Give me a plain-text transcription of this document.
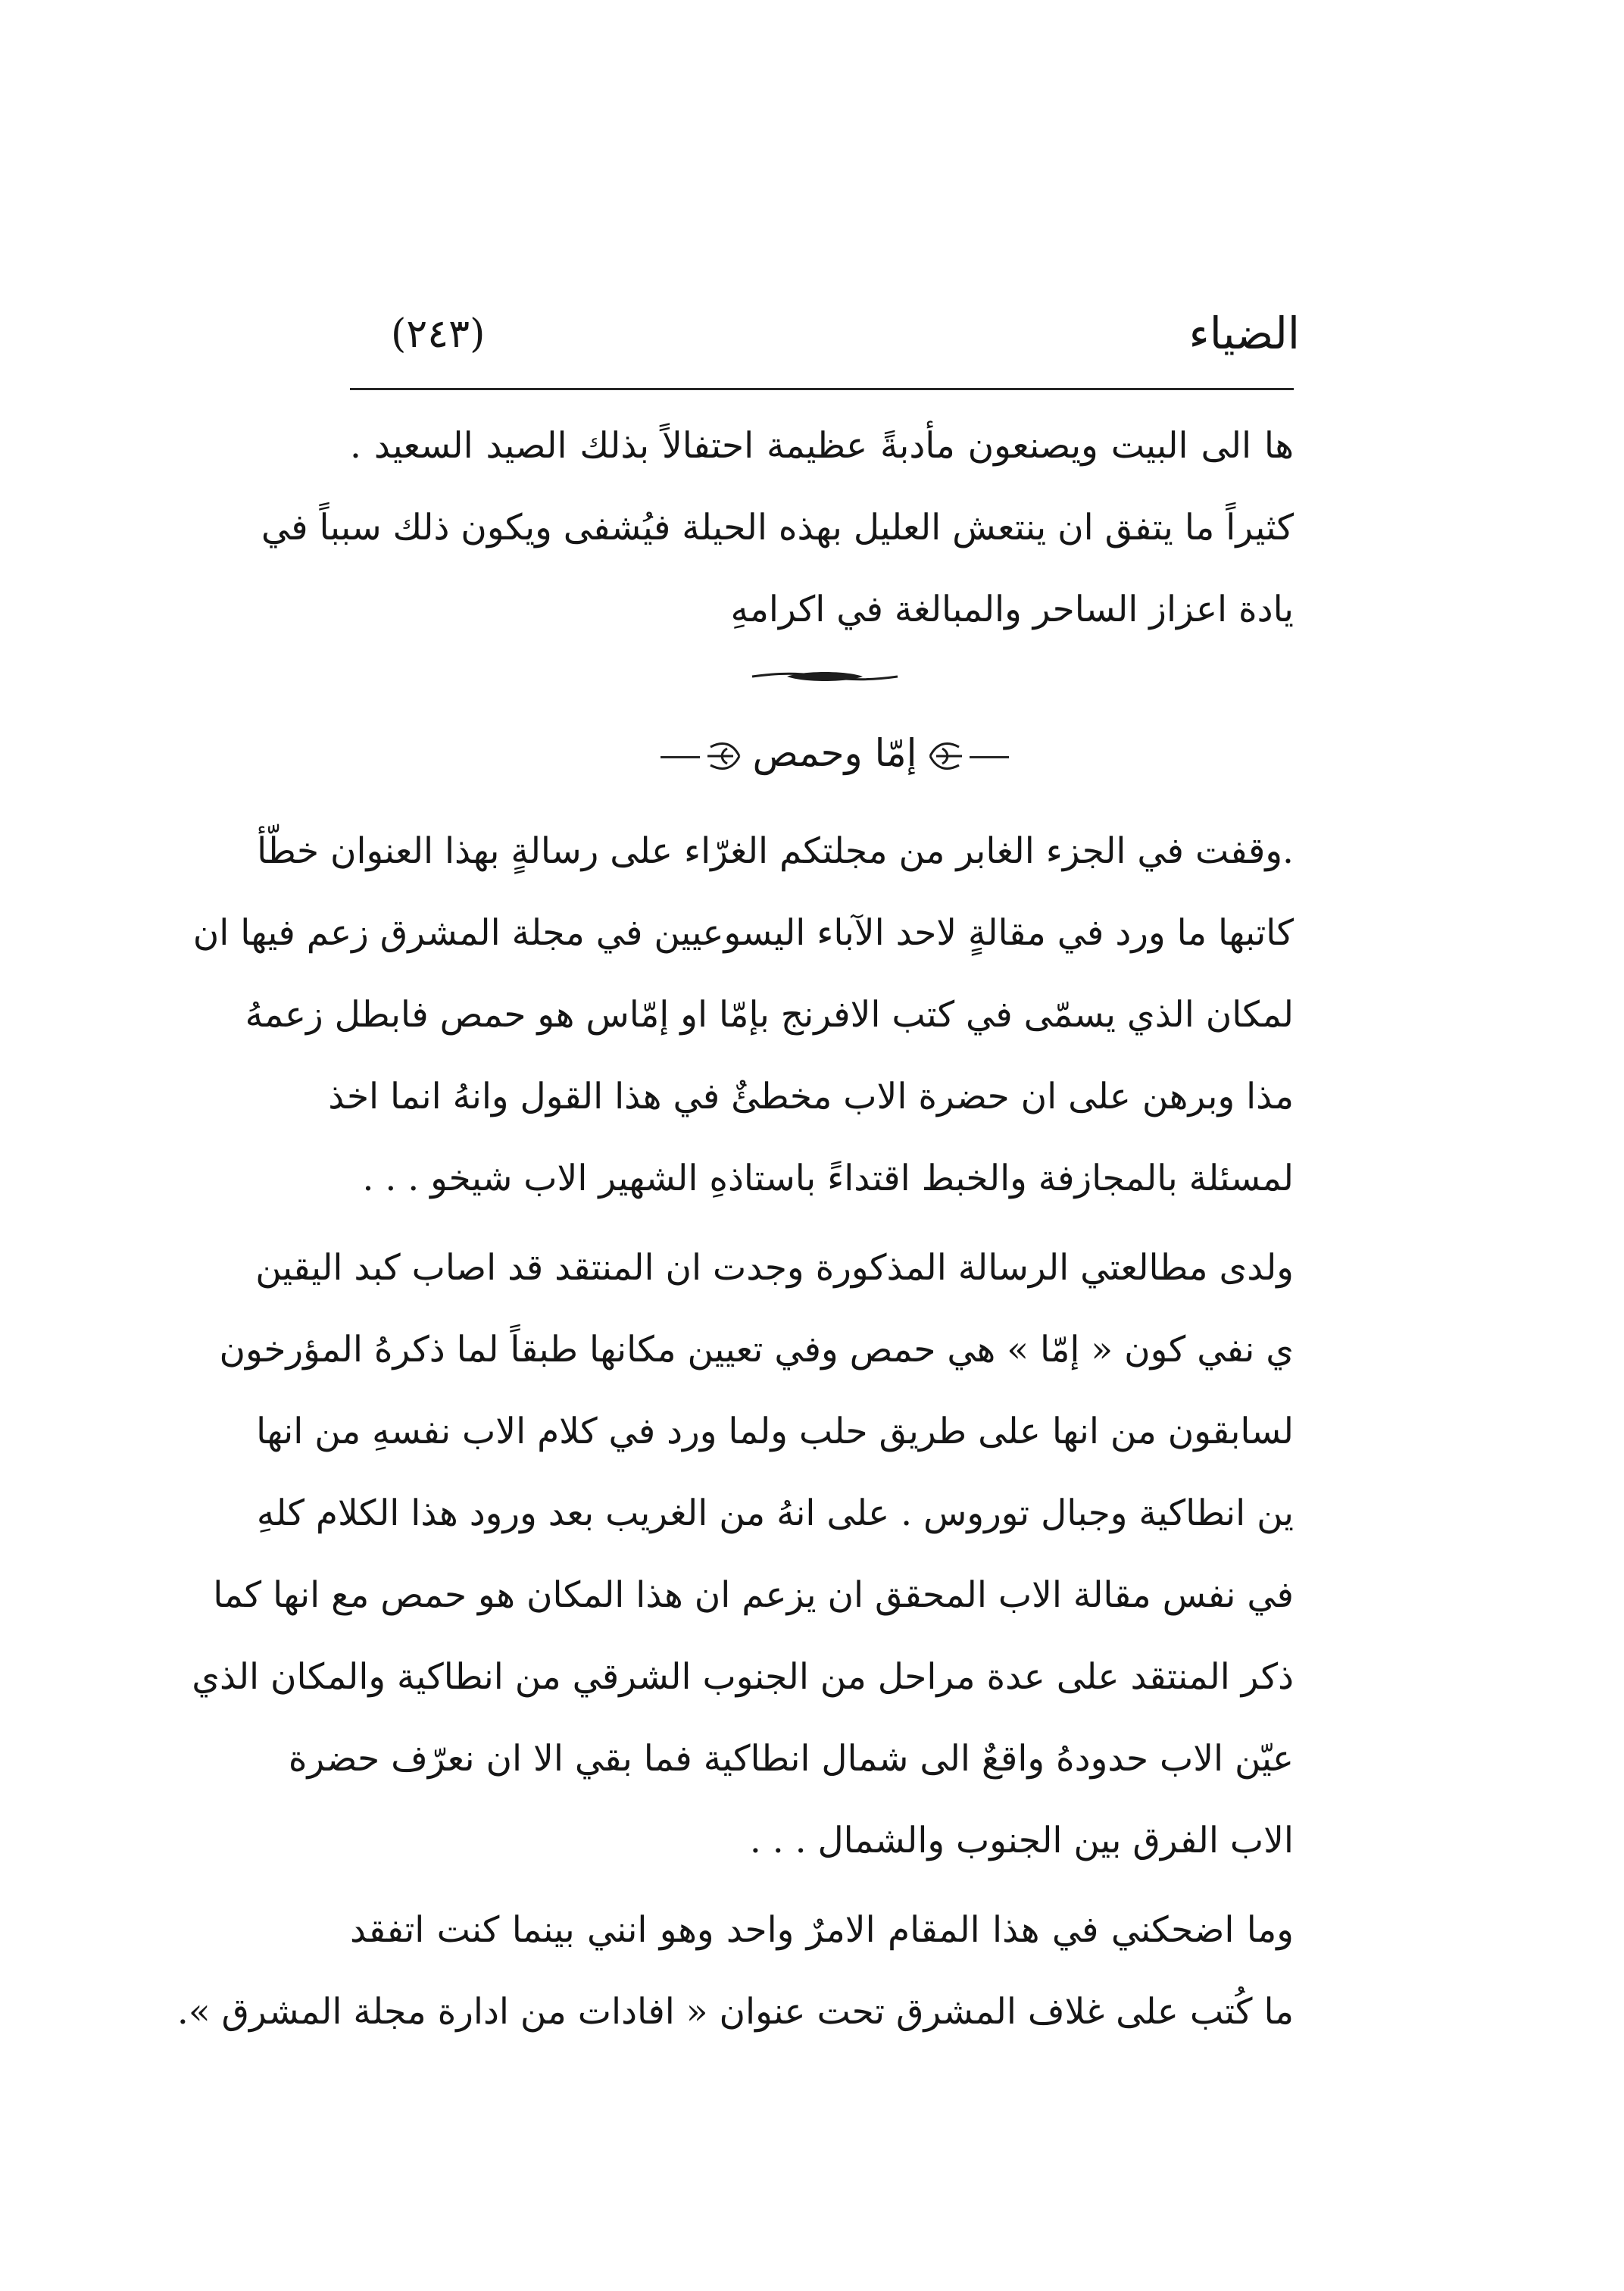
الضياء
(٢٤٣)
ها الى البيت ويصنعون مأدبةً عظيمة احتفالاً بذلك الصيد السعيد .
كثيراً ما يتفق ان ينتعش العليل بهذه الحيلة فيُشفى ويكون ذلك سبباً في
يادة اعزاز الساحر والمبالغة في اكرامهِ
إمّا وحمص
.وقفت في الجزء الغابر من مجلتكم الغرّاء على رسالةٍ بهذا العنوان خطّأ
كاتبها ما ورد في مقالةٍ لاحد الآباء اليسوعيين في مجلة المشرق زعم فيها ان
لمكان الذي يسمّى في كتب الافرنج بإمّا او إمّاس هو حمص فابطل زعمهُ
مذا وبرهن على ان حضرة الاب مخطئٌ في هذا القول وانهُ انما اخذ
لمسئلة بالمجازفة والخبط اقتداءً باستاذهِ الشهير الاب شيخو . . .
ولدى مطالعتي الرسالة المذكورة وجدت ان المنتقد قد اصاب كبد اليقين
ي نفي كون « إمّا » هي حمص وفي تعيين مكانها طبقاً لما ذكرهُ المؤرخون
لسابقون من انها على طريق حلب ولما ورد في كلام الاب نفسهِ من انها
ين انطاكية وجبال توروس . على انهُ من الغريب بعد ورود هذا الكلام كلهِ
في نفس مقالة الاب المحقق ان يزعم ان هذا المكان هو حمص مع انها كما
ذكر المنتقد على عدة مراحل من الجنوب الشرقي من انطاكية والمكان الذي
عيّن الاب حدودهُ واقعٌ الى شمال انطاكية فما بقي الا ان نعرّف حضرة
الاب الفرق بين الجنوب والشمال . . .
وما اضحكني في هذا المقام الامرٌ واحد وهو انني بينما كنت اتفقد
ما كُتب على غلاف المشرق تحت عنوان « افادات من ادارة مجلة المشرق ».
